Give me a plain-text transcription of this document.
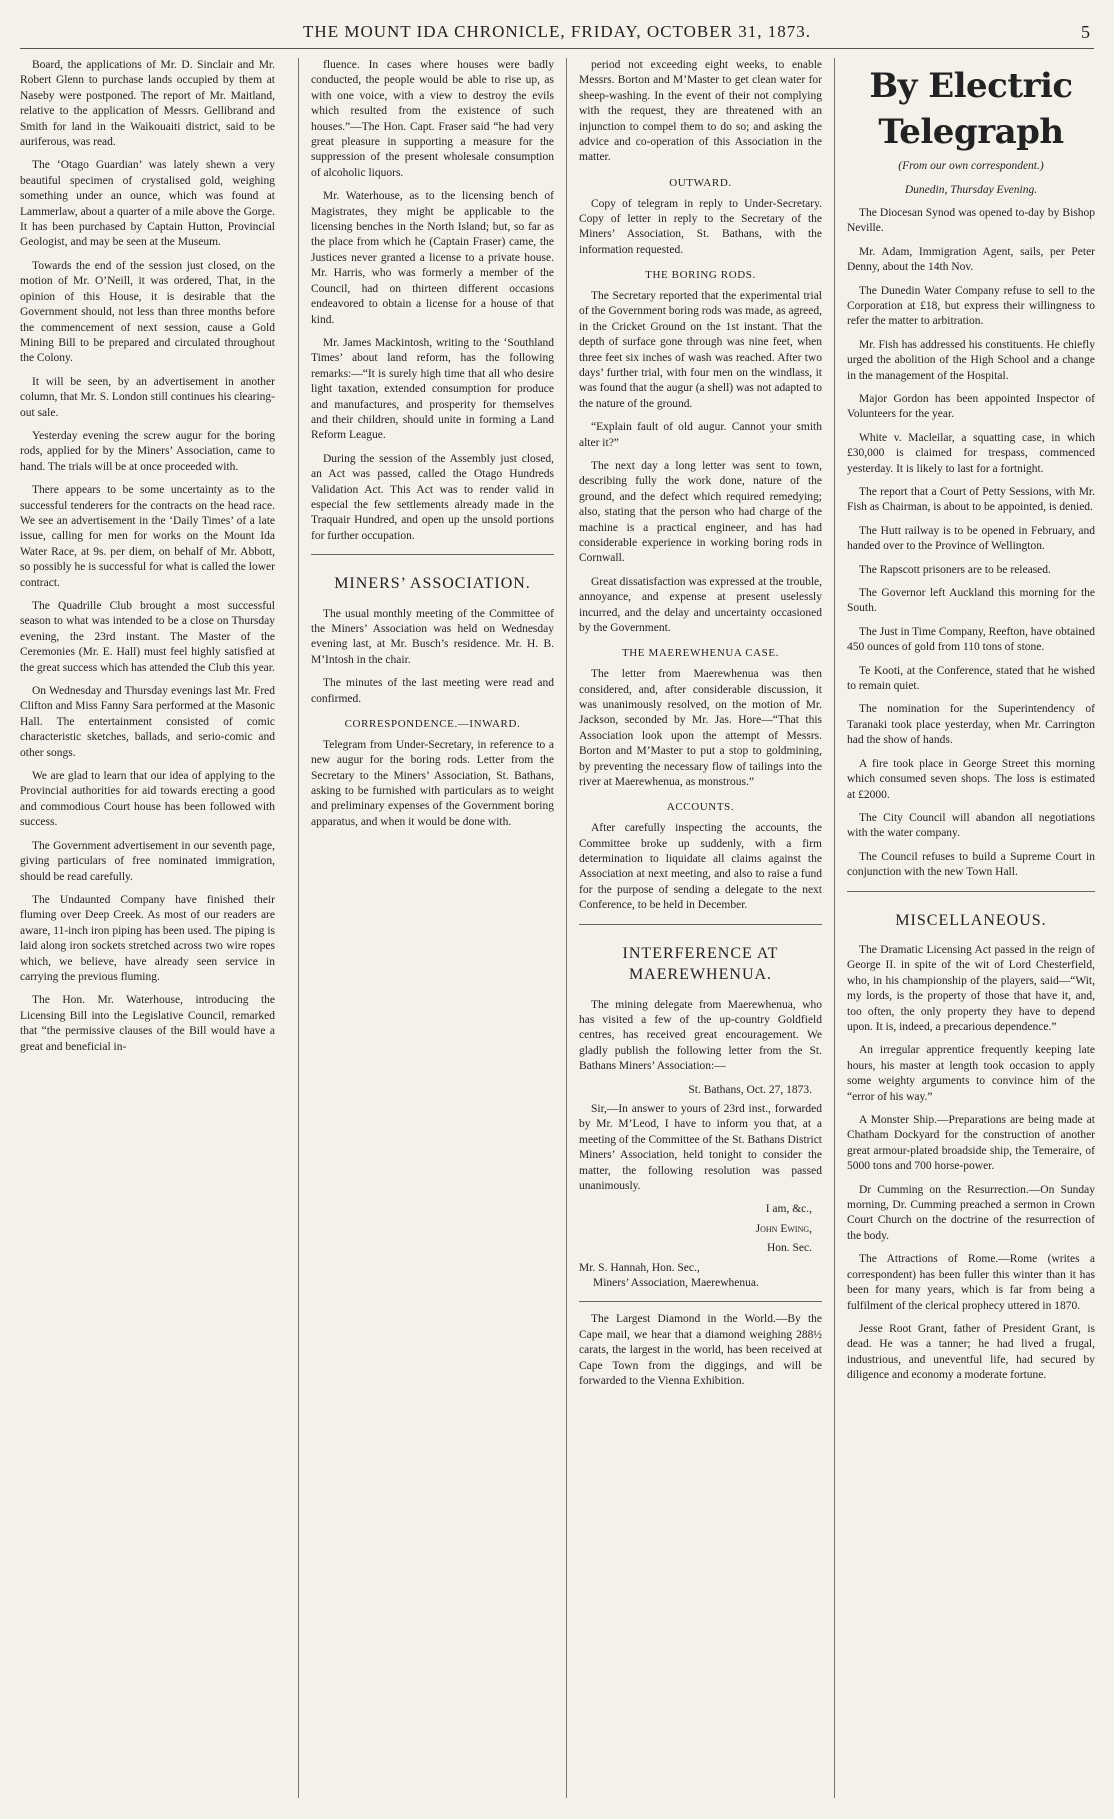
THE MOUNT IDA CHRONICLE, FRIDAY, OCTOBER 31, 1873.	5

Board, the applications of Mr. D. Sinclair and Mr. Robert Glenn to purchase lands occupied by them at Naseby were postponed. The report of Mr. Maitland, relative to the application of Messrs. Gellibrand and Smith for land in the Waikouaiti district, said to be auriferous, was read.

The ‘Otago Guardian’ was lately shewn a very beautiful specimen of crystalised gold, weighing something under an ounce, which was found at Lammerlaw, about a quarter of a mile above the Gorge. It has been purchased by Captain Hutton, Provincial Geologist, and may be seen at the Museum.

Towards the end of the session just closed, on the motion of Mr. O’Neill, it was ordered, That, in the opinion of this House, it is desirable that the Government should, not less than three months before the commencement of next session, cause a Gold Mining Bill to be prepared and circulated throughout the Colony.

It will be seen, by an advertisement in another column, that Mr. S. London still continues his clearing-out sale.

Yesterday evening the screw augur for the boring rods, applied for by the Miners’ Association, came to hand. The trials will be at once proceeded with.

There appears to be some uncertainty as to the successful tenderers for the contracts on the head race. We see an advertisement in the ‘Daily Times’ of a late issue, calling for men for works on the Mount Ida Water Race, at 9s. per diem, on behalf of Mr. Abbott, so possibly he is successful for what is called the lower contract.

The Quadrille Club brought a most successful season to what was intended to be a close on Thursday evening, the 23rd instant. The Master of the Ceremonies (Mr. E. Hall) must feel highly satisfied at the great success which has attended the Club this year.

On Wednesday and Thursday evenings last Mr. Fred Clifton and Miss Fanny Sara performed at the Masonic Hall. The entertainment consisted of comic characteristic sketches, ballads, and serio-comic and other songs.

We are glad to learn that our idea of applying to the Provincial authorities for aid towards erecting a good and commodious Court house has been followed with success.

The Government advertisement in our seventh page, giving particulars of free nominated immigration, should be read carefully.

The Undaunted Company have finished their fluming over Deep Creek. As most of our readers are aware, 11-inch iron piping has been used. The piping is laid along iron sockets stretched across two wire ropes which, we believe, have already seen service in carrying the previous fluming.

The Hon. Mr. Waterhouse, introducing the Licensing Bill into the Legislative Council, remarked that “the permissive clauses of the Bill would have a great and beneficial in-

fluence. In cases where houses were badly conducted, the people would be able to rise up, as with one voice, with a view to destroy the evils which resulted from the existence of such houses.”—The Hon. Capt. Fraser said “he had very great pleasure in supporting a measure for the suppression of the present wholesale consumption of alcoholic liquors.

Mr. Waterhouse, as to the licensing bench of Magistrates, they might be applicable to the licensing benches in the North Island; but, so far as the place from which he (Captain Fraser) came, the Justices never granted a license to a private house. Mr. Harris, who was formerly a member of the Council, had on thirteen different occasions endeavored to obtain a license for a house of that kind.

Mr. James Mackintosh, writing to the ‘Southland Times’ about land reform, has the following remarks:—“It is surely high time that all who desire light taxation, extended consumption for produce and manufactures, and prosperity for themselves and their children, should unite in forming a Land Reform League.

During the session of the Assembly just closed, an Act was passed, called the Otago Hundreds Validation Act. This Act was to render valid in especial the few settlements already made in the Traquair Hundred, and open up the unsold portions for further occupation.

MINERS’ ASSOCIATION.

The usual monthly meeting of the Committee of the Miners’ Association was held on Wednesday evening last, at Mr. Busch’s residence. Mr. H. B. M’Intosh in the chair.

The minutes of the last meeting were read and confirmed.

CORRESPONDENCE.—INWARD.

Telegram from Under-Secretary, in reference to a new augur for the boring rods. Letter from the Secretary to the Miners’ Association, St. Bathans, asking to be furnished with particulars as to weight and preliminary expenses of the Government boring apparatus, and when it would be done with.

period not exceeding eight weeks, to enable Messrs. Borton and M’Master to get clean water for sheep-washing. In the event of their not complying with the request, they are threatened with an injunction to compel them to do so; and asking the advice and co-operation of this Association in the matter.

OUTWARD.

Copy of telegram in reply to Under-Secretary. Copy of letter in reply to the Secretary of the Miners’ Association, St. Bathans, with the information requested.

THE BORING RODS.

The Secretary reported that the experimental trial of the Government boring rods was made, as agreed, in the Cricket Ground on the 1st instant. That the depth of surface gone through was nine feet, when three feet six inches of wash was reached. After two days’ further trial, with four men on the windlass, it was found that the augur (a shell) was not adapted to the nature of the ground.

“Explain fault of old augur. Cannot your smith alter it?”

The next day a long letter was sent to town, describing fully the work done, nature of the ground, and the defect which required remedying; also, stating that the person who had charge of the machine is a practical engineer, and has had considerable experience in working boring rods in Cornwall.

Great dissatisfaction was expressed at the trouble, annoyance, and expense at present uselessly incurred, and the delay and uncertainty occasioned by the Government.

THE MAEREWHENUA CASE.

The letter from Maerewhenua was then considered, and, after considerable discussion, it was unanimously resolved, on the motion of Mr. Jackson, seconded by Mr. Jas. Hore—“That this Association look upon the attempt of Messrs. Borton and M’Master to put a stop to goldmining, by preventing the necessary flow of tailings into the river at Maerewhenua, as monstrous.”

ACCOUNTS.

After carefully inspecting the accounts, the Committee broke up suddenly, with a firm determination to liquidate all claims against the Association at next meeting, and also to raise a fund for the purpose of sending a delegate to the next Conference, to be held in December.

INTERFERENCE AT MAEREWHENUA.

The mining delegate from Maerewhenua, who has visited a few of the up-country Goldfield centres, has received great encouragement. We gladly publish the following letter from the St. Bathans Miners’ Association:—

St. Bathans, Oct. 27, 1873.

Sir,—In answer to yours of 23rd inst., forwarded by Mr. M’Leod, I have to inform you that, at a meeting of the Committee of the St. Bathans District Miners’ Association, held tonight to consider the matter, the following resolution was passed unanimously.

I am, &c.,
John Ewing,
Hon. Sec.
Mr. S. Hannah, Hon. Sec.,
Miners’ Association, Maerewhenua.

The Largest Diamond in the World.—By the Cape mail, we hear that a diamond weighing 288½ carats, the largest in the world, has been received at Cape Town from the diggings, and will be forwarded to the Vienna Exhibition.

By Electric Telegraph
(From our own correspondent.)
Dunedin, Thursday Evening.

The Diocesan Synod was opened to-day by Bishop Neville.

Mr. Adam, Immigration Agent, sails, per Peter Denny, about the 14th Nov.

The Dunedin Water Company refuse to sell to the Corporation at £18, but express their willingness to refer the matter to arbitration.

Mr. Fish has addressed his constituents. He chiefly urged the abolition of the High School and a change in the management of the Hospital.

Major Gordon has been appointed Inspector of Volunteers for the year.

White v. Macleilar, a squatting case, in which £30,000 is claimed for trespass, commenced yesterday. It is likely to last for a fortnight.

The report that a Court of Petty Sessions, with Mr. Fish as Chairman, is about to be appointed, is denied.

The Hutt railway is to be opened in February, and handed over to the Province of Wellington.

The Rapscott prisoners are to be released.

The Governor left Auckland this morning for the South.

The Just in Time Company, Reefton, have obtained 450 ounces of gold from 110 tons of stone.

Te Kooti, at the Conference, stated that he wished to remain quiet.

The nomination for the Superintendency of Taranaki took place yesterday, when Mr. Carrington had the show of hands.

A fire took place in George Street this morning which consumed seven shops. The loss is estimated at £2000.

The City Council will abandon all negotiations with the water company.

The Council refuses to build a Supreme Court in conjunction with the new Town Hall.

MISCELLANEOUS.

The Dramatic Licensing Act passed in the reign of George II. in spite of the wit of Lord Chesterfield, who, in his championship of the players, said—“Wit, my lords, is the property of those that have it, and, too often, the only property they have to depend upon. It is, indeed, a precarious dependence.”

An irregular apprentice frequently keeping late hours, his master at length took occasion to apply some weighty arguments to convince him of the “error of his way.”

A Monster Ship.—Preparations are being made at Chatham Dockyard for the construction of another great armour-plated broadside ship, the Temeraire, of 5000 tons and 700 horse-power.

Dr Cumming on the Resurrection.—On Sunday morning, Dr. Cumming preached a sermon in Crown Court Church on the doctrine of the resurrection of the body.

The Attractions of Rome.—Rome (writes a correspondent) has been fuller this winter than it has been for many years, which is far from being a fulfilment of the clerical prophecy uttered in 1870.

Jesse Root Grant, father of President Grant, is dead. He was a tanner; he had lived a frugal, industrious, and uneventful life, had secured by diligence and economy a moderate fortune.
